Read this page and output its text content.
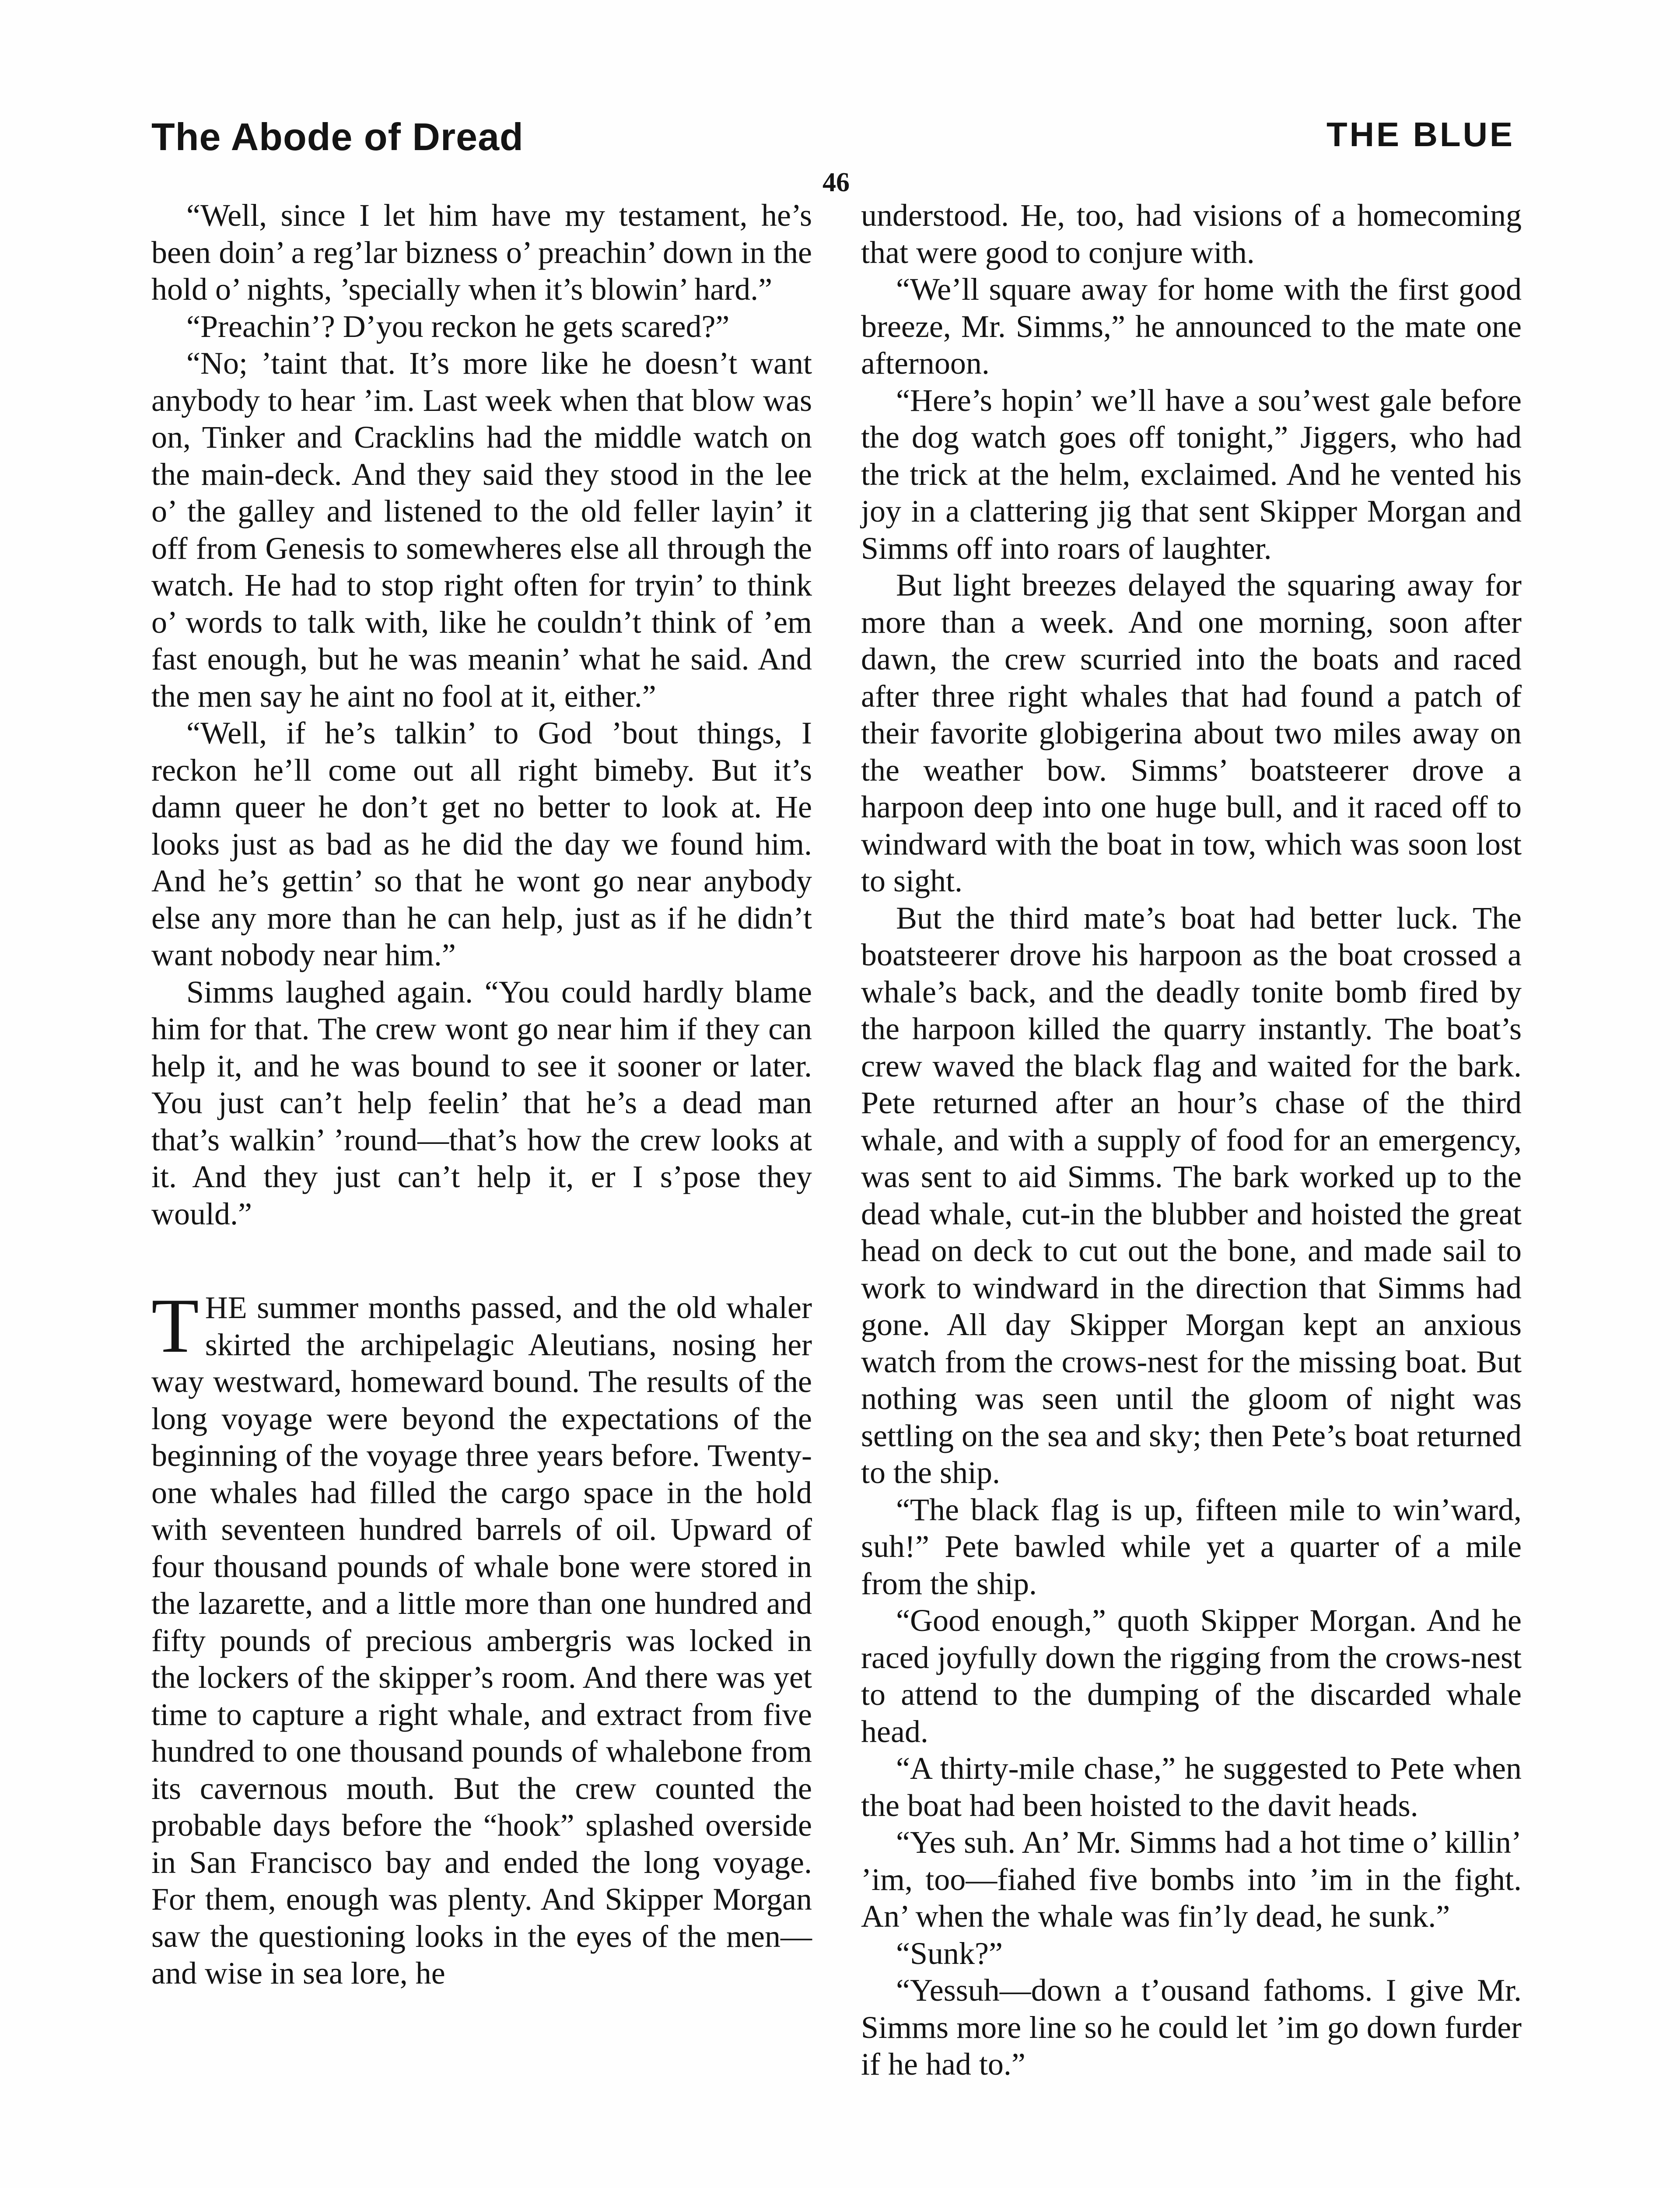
The Abode of Dread	THE BLUE
46

“Well, since I let him have my testament, he’s been doin’ a reg’lar bizness o’ preachin’ down in the hold o’ nights, ’specially when it’s blowin’ hard.”

“Preachin’? D’you reckon he gets scared?”

“No; ’taint that. It’s more like he doesn’t want anybody to hear ’im. Last week when that blow was on, Tinker and Cracklins had the middle watch on the main-deck. And they said they stood in the lee o’ the galley and listened to the old feller layin’ it off from Genesis to somewheres else all through the watch. He had to stop right often for tryin’ to think o’ words to talk with, like he couldn’t think of ’em fast enough, but he was meanin’ what he said. And the men say he aint no fool at it, either.”

“Well, if he’s talkin’ to God ’bout things, I reckon he’ll come out all right bimeby. But it’s damn queer he don’t get no better to look at. He looks just as bad as he did the day we found him. And he’s gettin’ so that he wont go near anybody else any more than he can help, just as if he didn’t want nobody near him.”

Simms laughed again. “You could hardly blame him for that. The crew wont go near him if they can help it, and he was bound to see it sooner or later. You just can’t help feelin’ that he’s a dead man that’s walkin’ ’round—that’s how the crew looks at it. And they just can’t help it, er I s’pose they would.”

THE summer months passed, and the old whaler skirted the archipelagic Aleutians, nosing her way westward, homeward bound. The results of the long voyage were beyond the expectations of the beginning of the voyage three years before. Twenty-one whales had filled the cargo space in the hold with seventeen hundred barrels of oil. Upward of four thousand pounds of whale bone were stored in the lazarette, and a little more than one hundred and fifty pounds of precious ambergris was locked in the lockers of the skipper’s room. And there was yet time to capture a right whale, and extract from five hundred to one thousand pounds of whalebone from its cavernous mouth. But the crew counted the probable days before the “hook” splashed overside in San Francisco bay and ended the long voyage. For them, enough was plenty. And Skipper Morgan saw the questioning looks in the eyes of the men—and wise in sea lore, he

understood. He, too, had visions of a homecoming that were good to conjure with.

“We’ll square away for home with the first good breeze, Mr. Simms,” he announced to the mate one afternoon.

“Here’s hopin’ we’ll have a sou’west gale before the dog watch goes off tonight,” Jiggers, who had the trick at the helm, exclaimed. And he vented his joy in a clattering jig that sent Skipper Morgan and Simms off into roars of laughter.

But light breezes delayed the squaring away for more than a week. And one morning, soon after dawn, the crew scurried into the boats and raced after three right whales that had found a patch of their favorite globigerina about two miles away on the weather bow. Simms’ boatsteerer drove a harpoon deep into one huge bull, and it raced off to windward with the boat in tow, which was soon lost to sight.

But the third mate’s boat had better luck. The boatsteerer drove his harpoon as the boat crossed a whale’s back, and the deadly tonite bomb fired by the harpoon killed the quarry instantly. The boat’s crew waved the black flag and waited for the bark. Pete returned after an hour’s chase of the third whale, and with a supply of food for an emergency, was sent to aid Simms. The bark worked up to the dead whale, cut-in the blubber and hoisted the great head on deck to cut out the bone, and made sail to work to windward in the direction that Simms had gone. All day Skipper Morgan kept an anxious watch from the crows-nest for the missing boat. But nothing was seen until the gloom of night was settling on the sea and sky; then Pete’s boat returned to the ship.

“The black flag is up, fifteen mile to win’ward, suh!” Pete bawled while yet a quarter of a mile from the ship.

“Good enough,” quoth Skipper Morgan. And he raced joyfully down the rigging from the crows-nest to attend to the dumping of the discarded whale head.

“A thirty-mile chase,” he suggested to Pete when the boat had been hoisted to the davit heads.

“Yes suh. An’ Mr. Simms had a hot time o’ killin’ ’im, too—fiahed five bombs into ’im in the fight. An’ when the whale was fin’ly dead, he sunk.”

“Sunk?”

“Yessuh—down a t’ousand fathoms. I give Mr. Simms more line so he could let ’im go down furder if he had to.”
